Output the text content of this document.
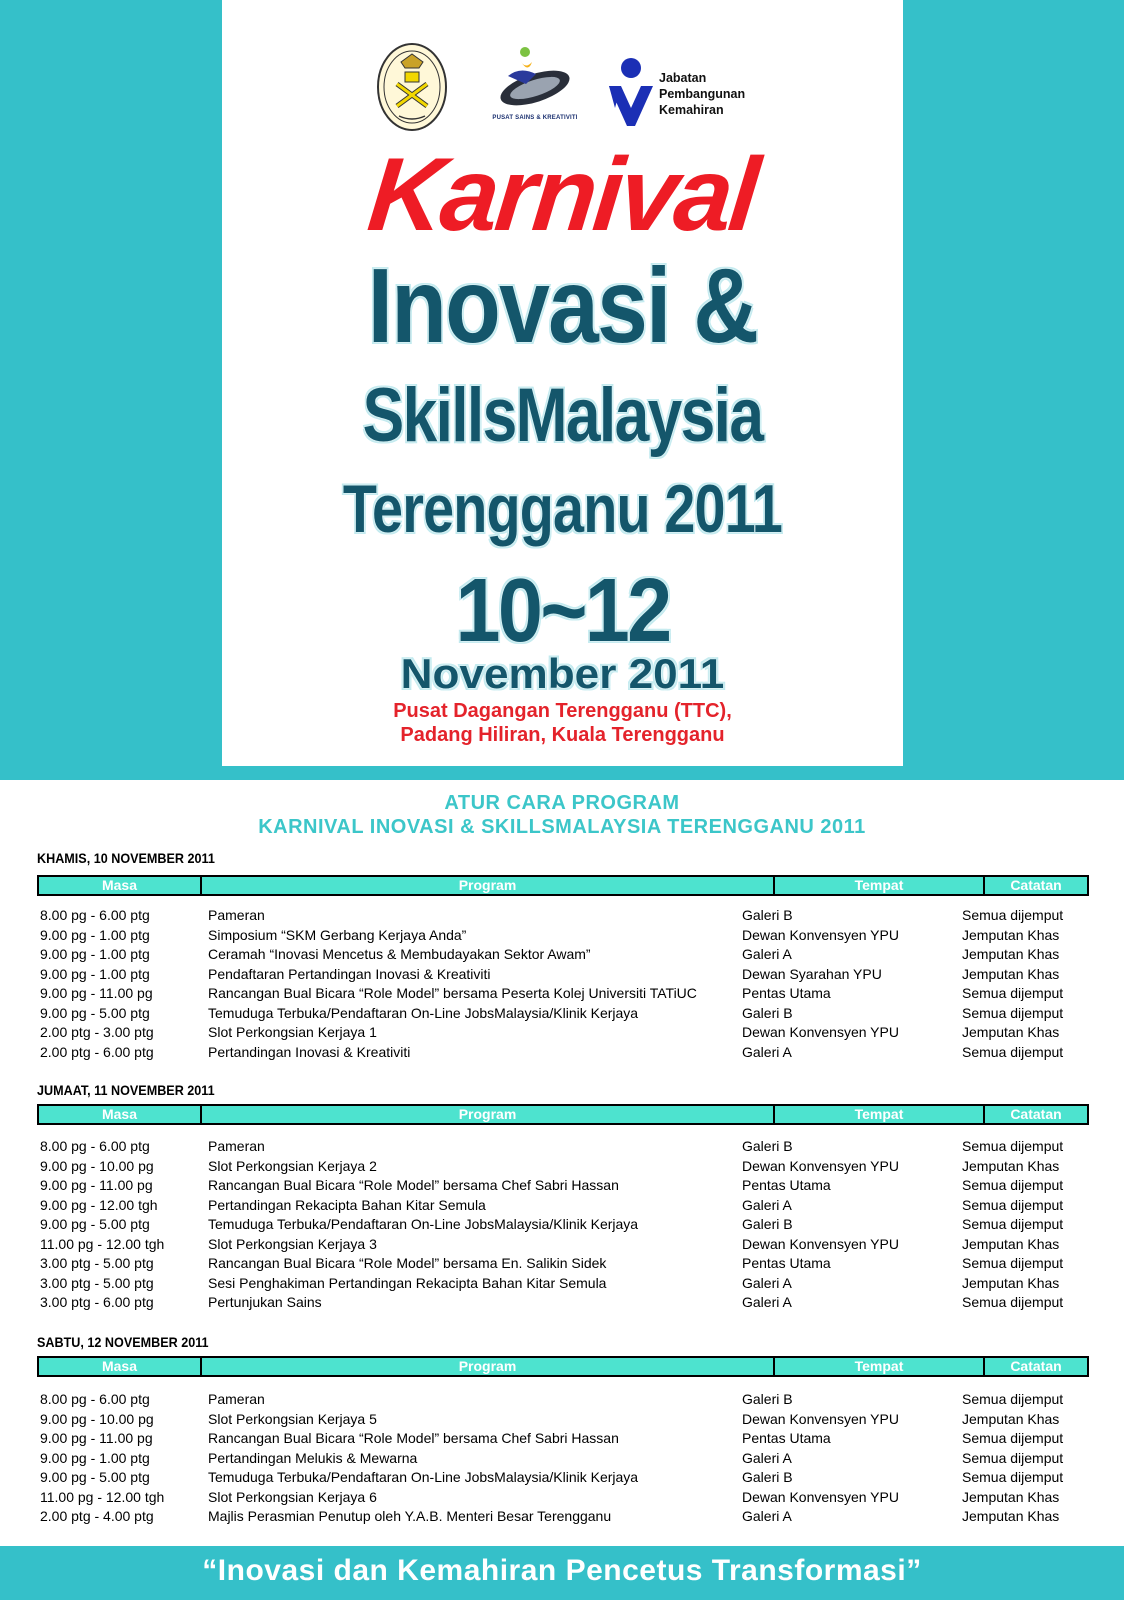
PUSAT SAINS & KREATIVITI
Jabatan
Pembangunan
Kemahiran
Karnival
Inovasi &
SkillsMalaysia
Terengganu 2011
10~12
November 2011
Pusat Dagangan Terengganu (TTC),
Padang Hiliran, Kuala Terengganu
ATUR CARA PROGRAM
KARNIVAL INOVASI & SKILLSMALAYSIA TERENGGANU 2011
KHAMIS, 10 NOVEMBER 2011
Masa	Program	Tempat	Catatan
8.00 pg - 6.00 ptg	Pameran	Galeri B	Semua dijemput
9.00 pg - 1.00 ptg	Simposium “SKM Gerbang Kerjaya Anda”	Dewan Konvensyen YPU	Jemputan Khas
9.00 pg - 1.00 ptg	Ceramah “Inovasi Mencetus & Membudayakan Sektor Awam”	Galeri A	Jemputan Khas
9.00 pg - 1.00 ptg	Pendaftaran Pertandingan Inovasi & Kreativiti	Dewan Syarahan YPU	Jemputan Khas
9.00 pg - 11.00 pg	Rancangan Bual Bicara “Role Model” bersama Peserta Kolej Universiti TATiUC	Pentas Utama	Semua dijemput
9.00 pg - 5.00 ptg	Temuduga Terbuka/Pendaftaran On-Line JobsMalaysia/Klinik Kerjaya	Galeri B	Semua dijemput
2.00 ptg - 3.00 ptg	Slot Perkongsian Kerjaya 1	Dewan Konvensyen YPU	Jemputan Khas
2.00 ptg - 6.00 ptg	Pertandingan Inovasi & Kreativiti	Galeri A	Semua dijemput
JUMAAT, 11 NOVEMBER 2011
Masa	Program	Tempat	Catatan
8.00 pg - 6.00 ptg	Pameran	Galeri B	Semua dijemput
9.00 pg - 10.00 pg	Slot Perkongsian Kerjaya 2	Dewan Konvensyen YPU	Jemputan Khas
9.00 pg - 11.00 pg	Rancangan Bual Bicara “Role Model” bersama Chef Sabri Hassan	Pentas Utama	Semua dijemput
9.00 pg - 12.00 tgh	Pertandingan Rekacipta Bahan Kitar Semula	Galeri A	Semua dijemput
9.00 pg - 5.00 ptg	Temuduga Terbuka/Pendaftaran On-Line JobsMalaysia/Klinik Kerjaya	Galeri B	Semua dijemput
11.00 pg - 12.00 tgh	Slot Perkongsian Kerjaya 3	Dewan Konvensyen YPU	Jemputan Khas
3.00 ptg - 5.00 ptg	Rancangan Bual Bicara “Role Model” bersama En. Salikin Sidek	Pentas Utama	Semua dijemput
3.00 ptg - 5.00 ptg	Sesi Penghakiman Pertandingan Rekacipta Bahan Kitar Semula	Galeri A	Jemputan Khas
3.00 ptg - 6.00 ptg	Pertunjukan Sains	Galeri A	Semua dijemput
SABTU, 12 NOVEMBER 2011
Masa	Program	Tempat	Catatan
8.00 pg - 6.00 ptg	Pameran	Galeri B	Semua dijemput
9.00 pg - 10.00 pg	Slot Perkongsian Kerjaya 5	Dewan Konvensyen YPU	Jemputan Khas
9.00 pg - 11.00 pg	Rancangan Bual Bicara “Role Model” bersama Chef Sabri Hassan	Pentas Utama	Semua dijemput
9.00 pg - 1.00 ptg	Pertandingan Melukis & Mewarna	Galeri A	Semua dijemput
9.00 pg - 5.00 ptg	Temuduga Terbuka/Pendaftaran On-Line JobsMalaysia/Klinik Kerjaya	Galeri B	Semua dijemput
11.00 pg - 12.00 tgh	Slot Perkongsian Kerjaya 6	Dewan Konvensyen YPU	Jemputan Khas
2.00 ptg - 4.00 ptg	Majlis Perasmian Penutup oleh Y.A.B. Menteri Besar Terengganu	Galeri A	Jemputan Khas
“Inovasi dan Kemahiran Pencetus Transformasi”
